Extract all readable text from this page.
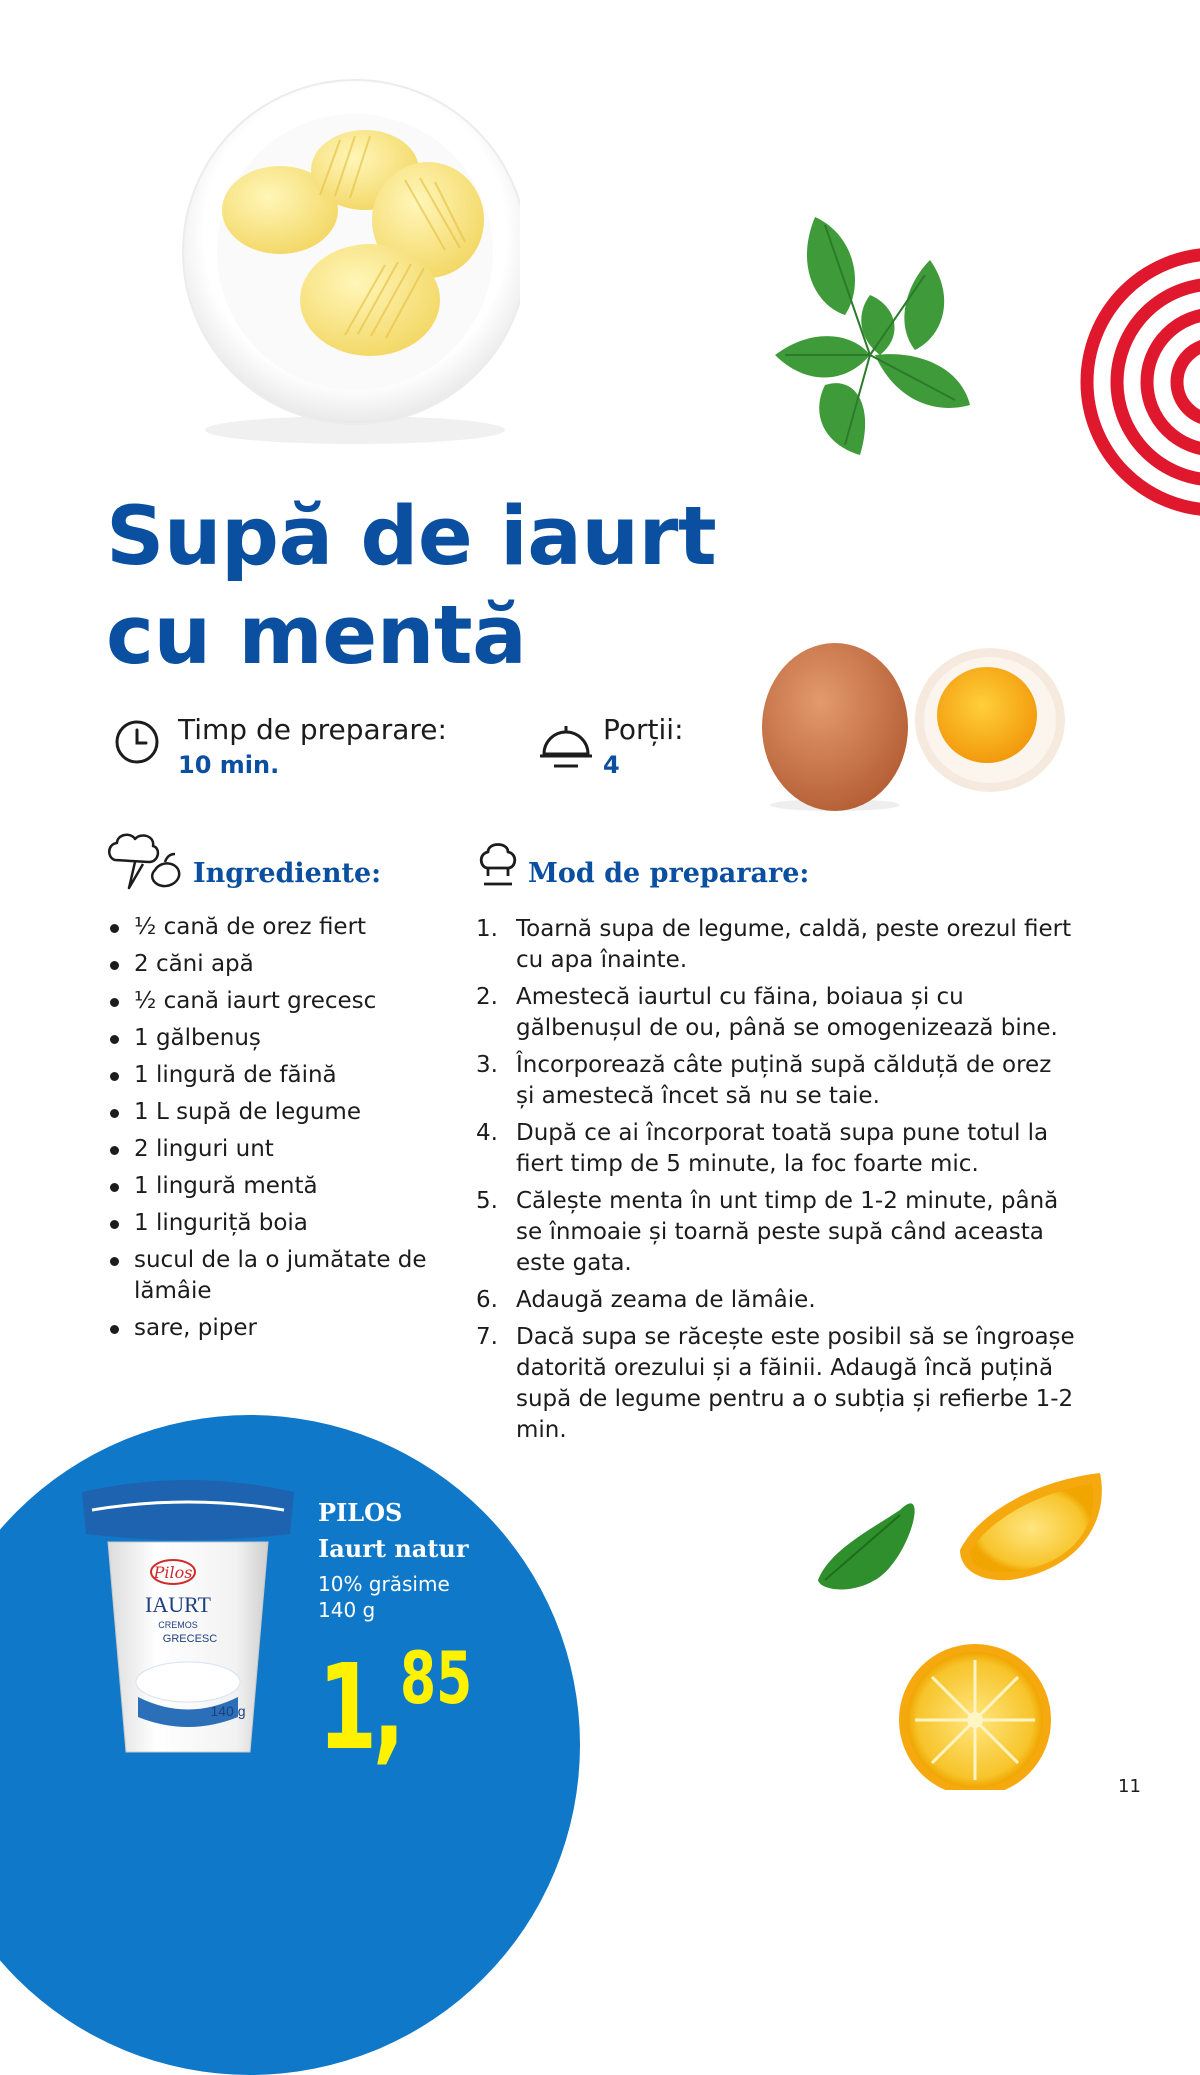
Supă de iaurt
cu mentă
Timp de preparare:
10 min.
Porții:
4
Ingrediente:
½ cană de orez fiert
2 căni apă
½ cană iaurt grecesc
1 gălbenuș
1 lingură de făină
1 L supă de legume
2 linguri unt
1 lingură mentă
1 linguriță boia
sucul de la o jumătate de lămâie
sare, piper
Mod de preparare:
1. Toarnă supa de legume, caldă, peste orezul fiert cu apa înainte.
2. Amestecă iaurtul cu făina, boiaua și cu gălbenușul de ou, până se omogenizează bine.
3. Încorporează câte puțină supă călduță de orez și amestecă încet să nu se taie.
4. După ce ai încorporat toată supa pune totul la fiert timp de 5 minute, la foc foarte mic.
5. Călește menta în unt timp de 1-2 minute, până se înmoaie și toarnă peste supă când aceasta este gata.
6. Adaugă zeama de lămâie.
7. Dacă supa se răcește este posibil să se îngroașe datorită orezului și a făinii. Adaugă încă puțină supă de legume pentru a o subția și refierbe 1-2 min.
Pilos
IAURT
CREMOS
GRECESC
140 g
PILOS
Iaurt natur
10% grăsime
140 g
1, 85
11
